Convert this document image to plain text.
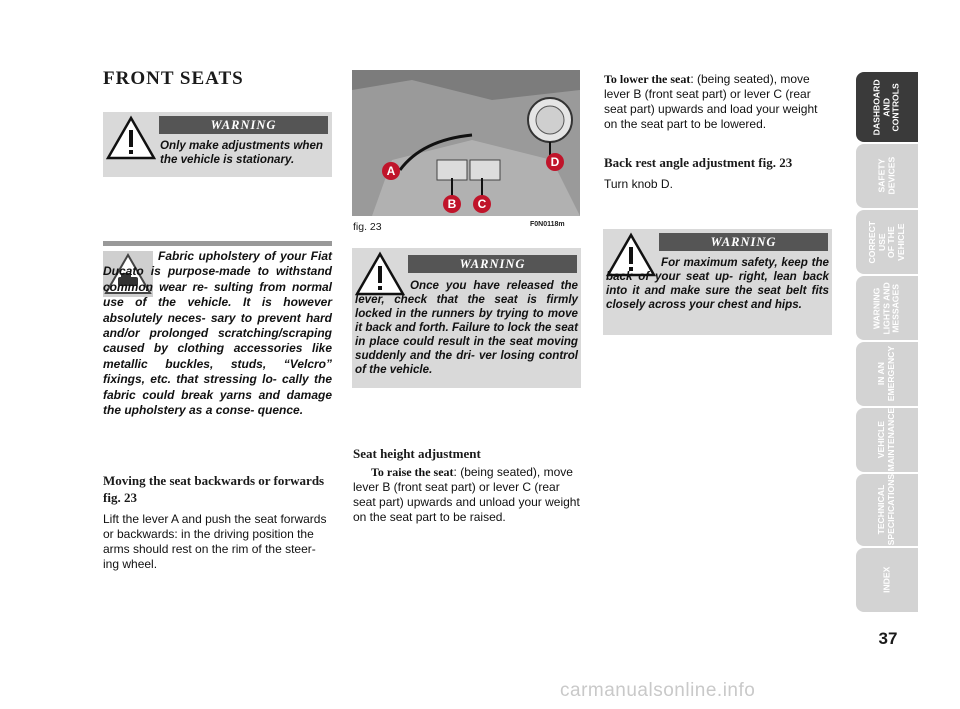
FRONT SEATS
WARNING
Only make adjustments when the vehicle is stationary.
Fabric upholstery of your Fiat Ducato is purpose-made to withstand common wear re- sulting from normal use of the vehicle. It is however absolutely neces- sary to prevent hard and/or prolonged scratching/scraping caused by clothing accessories like metallic buckles, studs, “Velcro” fixings, etc. that stressing lo- cally the fabric could break yarns and damage the upholstery as a conse- quence.
Moving the seat backwards or forwards fig. 23
Lift the lever A and push the seat forwards or backwards: in the driving position the arms should rest on the rim of the steer- ing wheel.
A
B	C
D
fig. 23	F0N0118m
WARNING
Once you have released the lever, check that the seat is firmly locked in the runners by trying to move it back and forth. Failure to lock the seat in place could result in the seat moving suddenly and the dri- ver losing control of the vehicle.
Seat height adjustment
To raise the seat: (being seated), move lever B (front seat part) or lever C (rear seat part) upwards and unload your weight on the seat part to be raised.
To lower the seat: (being seated), move lever B (front seat part) or lever C (rear seat part) upwards and load your weight on the seat part to be lowered.
Back rest angle adjustment fig. 23
Turn knob D.
WARNING
For maximum safety, keep the back of your seat up- right, lean back into it and make sure the seat belt fits closely across your chest and hips.
DASHBOARD
AND CONTROLS
SAFETY
DEVICES
CORRECT USE
OF THE VEHICLE
WARNING
LIGHTS AND
MESSAGES
IN AN
EMERGENCY
VEHICLE
MAINTENANCE
TECHNICAL
SPECIFICATIONS
INDEX
37
carmanualsonline.info
